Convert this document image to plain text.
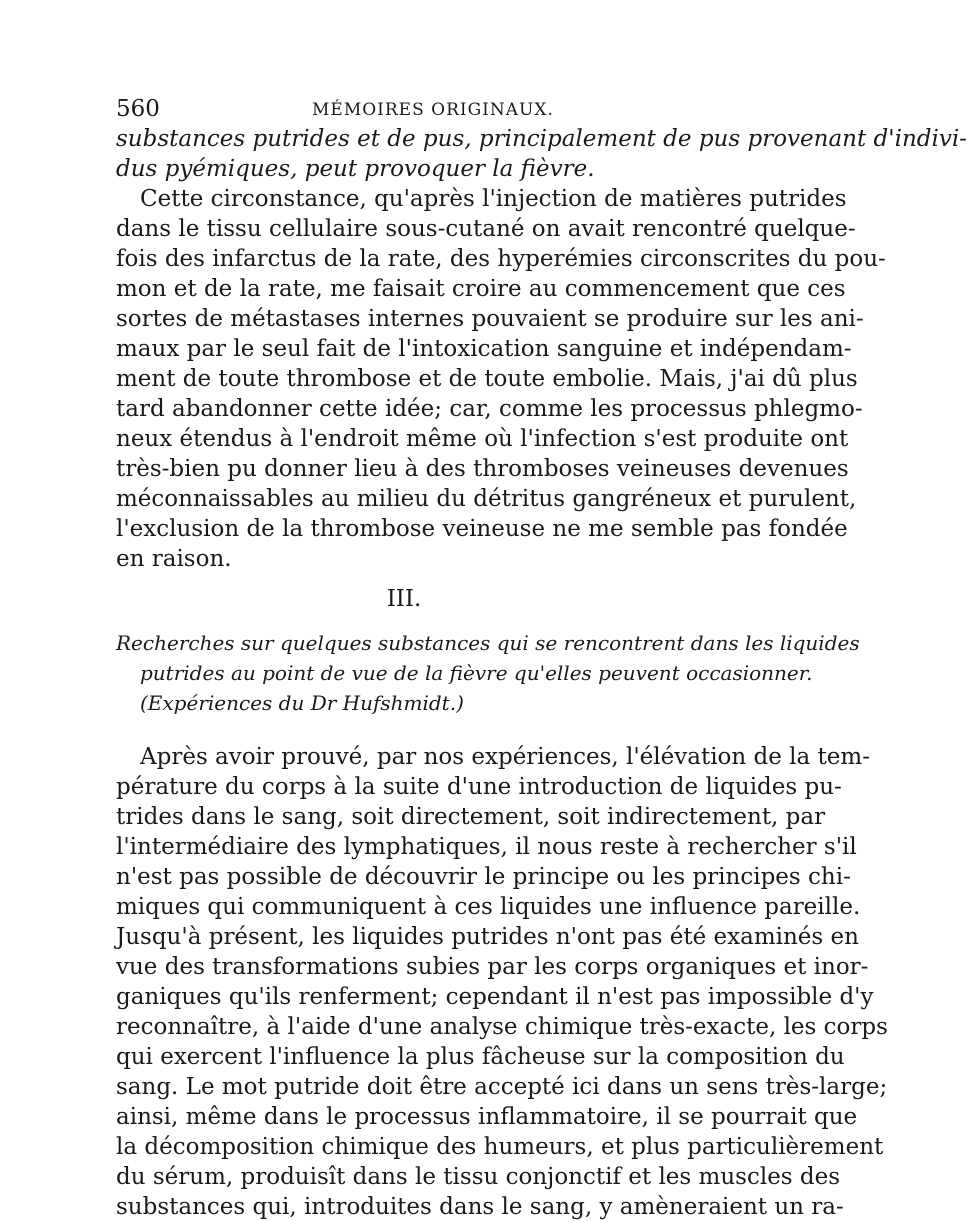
560	MÉMOIRES ORIGINAUX.
substances putrides et de pus, principalement de pus provenant d'indivi-
dus pyémiques, peut provoquer la fièvre.
Cette circonstance, qu'après l'injection de matières putrides
dans le tissu cellulaire sous-cutané on avait rencontré quelque-
fois des infarctus de la rate, des hyperémies circonscrites du pou-
mon et de la rate, me faisait croire au commencement que ces
sortes de métastases internes pouvaient se produire sur les ani-
maux par le seul fait de l'intoxication sanguine et indépendam-
ment de toute thrombose et de toute embolie. Mais, j'ai dû plus
tard abandonner cette idée; car, comme les processus phlegmo-
neux étendus à l'endroit même où l'infection s'est produite ont
très-bien pu donner lieu à des thromboses veineuses devenues
méconnaissables au milieu du détritus gangréneux et purulent,
l'exclusion de la thrombose veineuse ne me semble pas fondée
en raison.
III.
Recherches sur quelques substances qui se rencontrent dans les liquides
putrides au point de vue de la fièvre qu'elles peuvent occasionner.
(Expériences du Dr Hufshmidt.)
Après avoir prouvé, par nos expériences, l'élévation de la tem-
pérature du corps à la suite d'une introduction de liquides pu-
trides dans le sang, soit directement, soit indirectement, par
l'intermédiaire des lymphatiques, il nous reste à rechercher s'il
n'est pas possible de découvrir le principe ou les principes chi-
miques qui communiquent à ces liquides une influence pareille.
Jusqu'à présent, les liquides putrides n'ont pas été examinés en
vue des transformations subies par les corps organiques et inor-
ganiques qu'ils renferment; cependant il n'est pas impossible d'y
reconnaître, à l'aide d'une analyse chimique très-exacte, les corps
qui exercent l'influence la plus fâcheuse sur la composition du
sang. Le mot putride doit être accepté ici dans un sens très-large;
ainsi, même dans le processus inflammatoire, il se pourrait que
la décomposition chimique des humeurs, et plus particulièrement
du sérum, produisît dans le tissu conjonctif et les muscles des
substances qui, introduites dans le sang, y amèneraient un ra-
